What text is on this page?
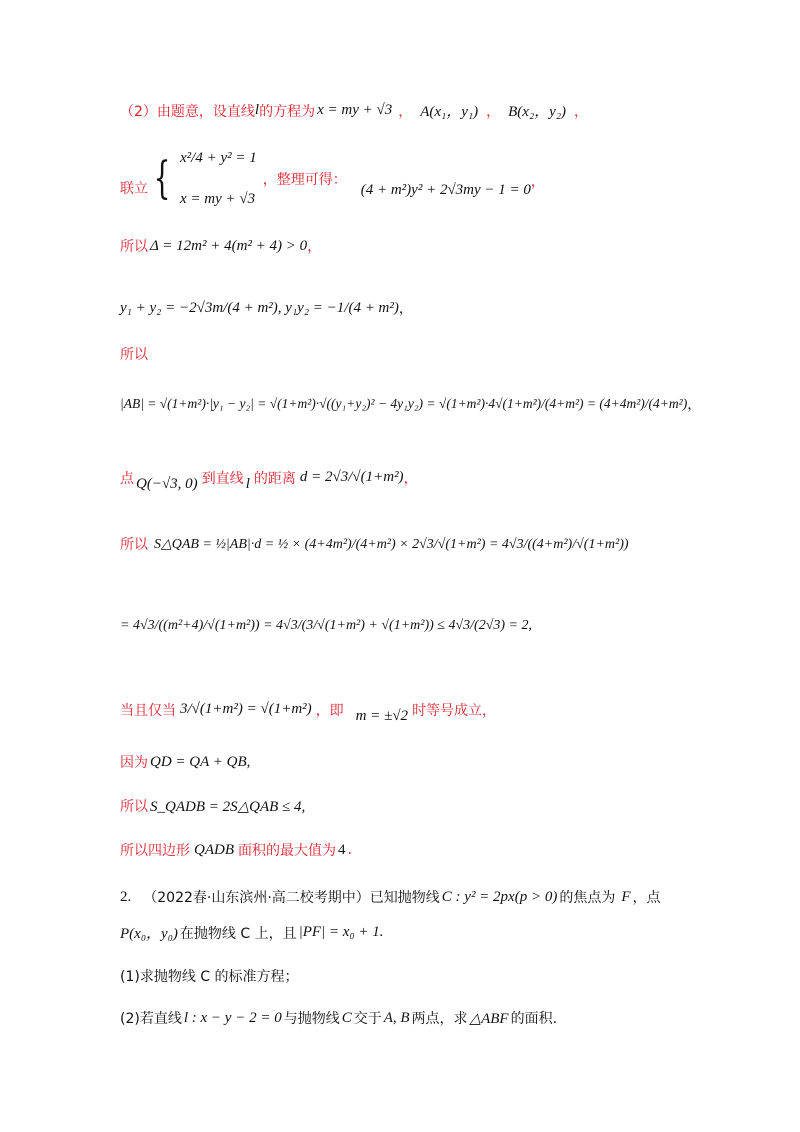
（2）由题意，设直线 l 的方程为 x = my + √3 ， A(x₁，y₁) ， B(x₂，y₂) ，
联立 { x²/4 + y² = 1
x = my + √3
，整理可得：
(4 + m²)y² + 2√3my − 1 = 0 ，
所以 Δ = 12m² + 4(m² + 4) > 0 ，
y₁ + y₂ = −2√3m/(4 + m²), y₁y₂ = −1/(4 + m²) ，
所以
|AB| = √(1+m²)·|y₁ − y₂| = √(1+m²)·√((y₁+y₂)² − 4y₁y₂) = √(1+m²)·4√(1+m²)/(4+m²) = (4+4m²)/(4+m²) ，
点 Q(−√3, 0) 到直线 l 的距离 d = 2√3/√(1+m²) ，
所以 S△QAB = ½|AB|·d = ½ × (4+4m²)/(4+m²) × 2√3/√(1+m²) = 4√3/((4+m²)/√(1+m²))
= 4√3/((m²+4)/√(1+m²)) = 4√3/(3/√(1+m²) + √(1+m²)) ≤ 4√3/(2√3) = 2,
当且仅当 3/√(1+m²) = √(1+m²) ，即 m = ±√2 时等号成立，
因为 QD = QA + QB,
所以 S_QADB = 2S△QAB ≤ 4,
所以四边形 QADB 面积的最大值为 4 .
2. （2022春·山东滨州·高二校考期中）已知抛物线 C : y² = 2px(p > 0) 的焦点为 F ，点
P(x₀，y₀) 在抛物线 C 上，且 |PF| = x₀ + 1.
(1)求抛物线 C 的标准方程；
(2)若直线 l : x − y − 2 = 0 与抛物线 C 交于 A, B 两点，求 △ABF 的面积.
